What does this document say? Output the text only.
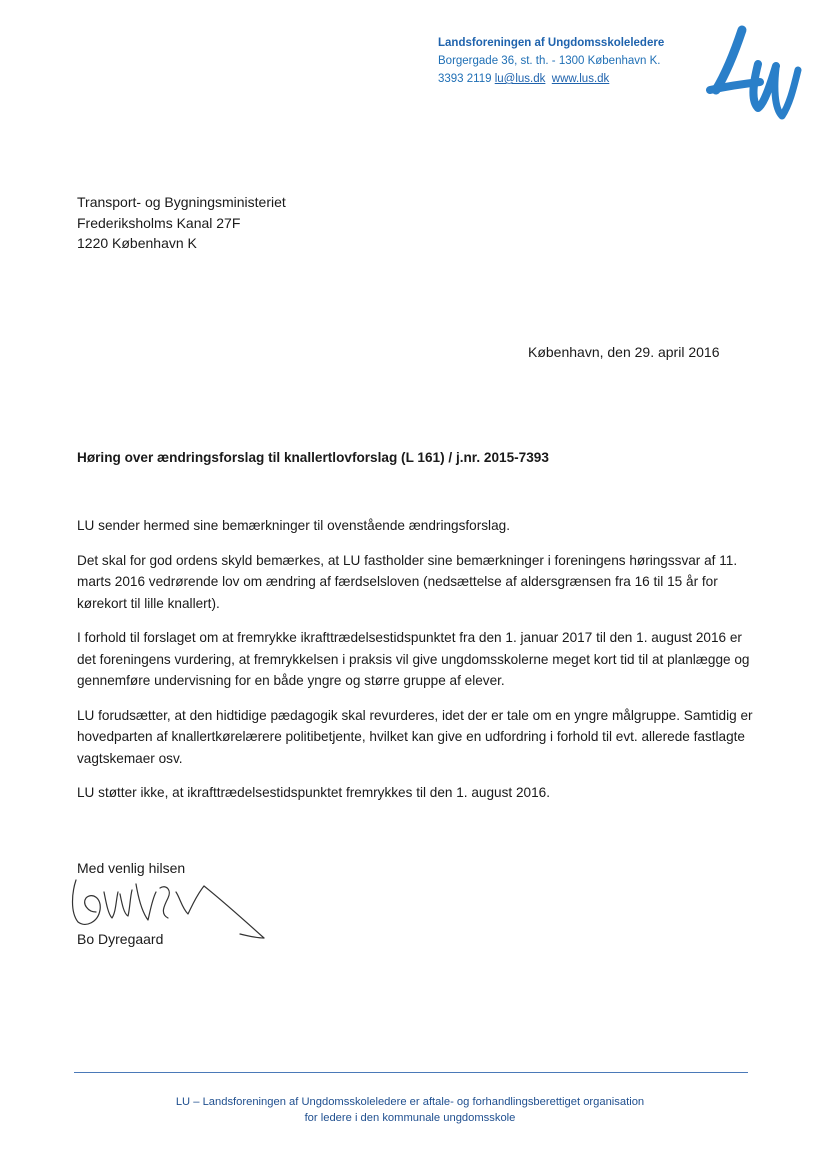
Landsforeningen af Ungdomsskoleledere
Borgergade 36, st. th. - 1300 København K.
3393 2119 lu@lus.dk www.lus.dk
Transport- og Bygningsministeriet
Frederiksholms Kanal 27F
1220 København K
København, den 29. april 2016
Høring over ændringsforslag til knallertlovforslag (L 161) / j.nr. 2015-7393

LU sender hermed sine bemærkninger til ovenstående ændringsforslag.

Det skal for god ordens skyld bemærkes, at LU fastholder sine bemærkninger i foreningens høringssvar af 11. marts 2016 vedrørende lov om ændring af færdselsloven (nedsættelse af aldersgrænsen fra 16 til 15 år for kørekort til lille knallert).

I forhold til forslaget om at fremrykke ikrafttrædelsestidspunktet fra den 1. januar 2017 til den 1. august 2016 er det foreningens vurdering, at fremrykkelsen i praksis vil give ungdomsskolerne meget kort tid til at planlægge og gennemføre undervisning for en både yngre og større gruppe af elever.

LU forudsætter, at den hidtidige pædagogik skal revurderes, idet der er tale om en yngre målgruppe. Samtidig er hovedparten af knallertkørelærere politibetjente, hvilket kan give en udfordring i forhold til evt. allerede fastlagte vagtskemaer osv.

LU støtter ikke, at ikrafttrædelsestidspunktet fremrykkes til den 1. august 2016.

Med venlig hilsen
Bo Dyregaard
LU – Landsforeningen af Ungdomsskoleledere er aftale- og forhandlingsberettiget organisation
for ledere i den kommunale ungdomsskole
